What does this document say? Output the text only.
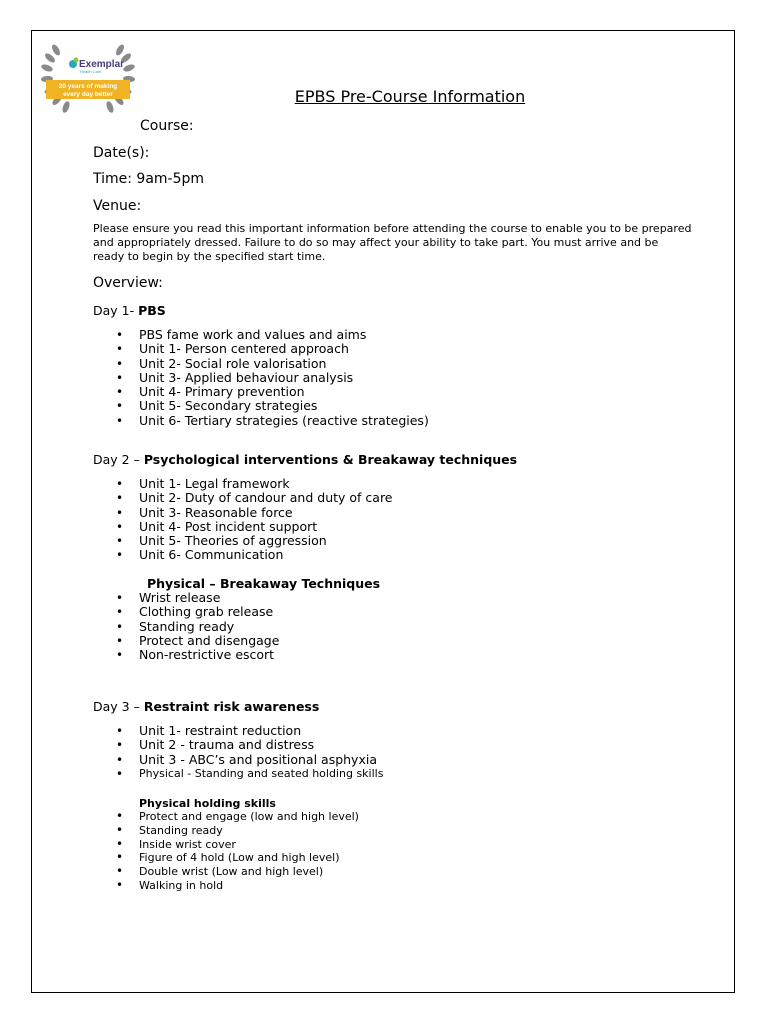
Exemplar
Health Care
20 years of making
every day better	EPBS Pre-Course Information
Course:
Date(s):
Time: 9am-5pm
Venue:
Please ensure you read this important information before attending the course to enable you to be prepared and appropriately dressed. Failure to do so may affect your ability to take part. You must arrive and be ready to begin by the specified start time.
Overview:
Day 1- PBS
• PBS fame work and values and aims
• Unit 1- Person centered approach
• Unit 2- Social role valorisation
• Unit 3- Applied behaviour analysis
• Unit 4- Primary prevention
• Unit 5- Secondary strategies
• Unit 6- Tertiary strategies (reactive strategies)
Day 2 – Psychological interventions & Breakaway techniques
• Unit 1- Legal framework
• Unit 2- Duty of candour and duty of care
• Unit 3- Reasonable force
• Unit 4- Post incident support
• Unit 5- Theories of aggression
• Unit 6- Communication
Physical – Breakaway Techniques
• Wrist release
• Clothing grab release
• Standing ready
• Protect and disengage
• Non-restrictive escort
Day 3 – Restraint risk awareness
• Unit 1- restraint reduction
• Unit 2 - trauma and distress
• Unit 3 - ABC’s and positional asphyxia
• Physical - Standing and seated holding skills
Physical holding skills
• Protect and engage (low and high level)
• Standing ready
• Inside wrist cover
• Figure of 4 hold (Low and high level)
• Double wrist (Low and high level)
• Walking in hold
